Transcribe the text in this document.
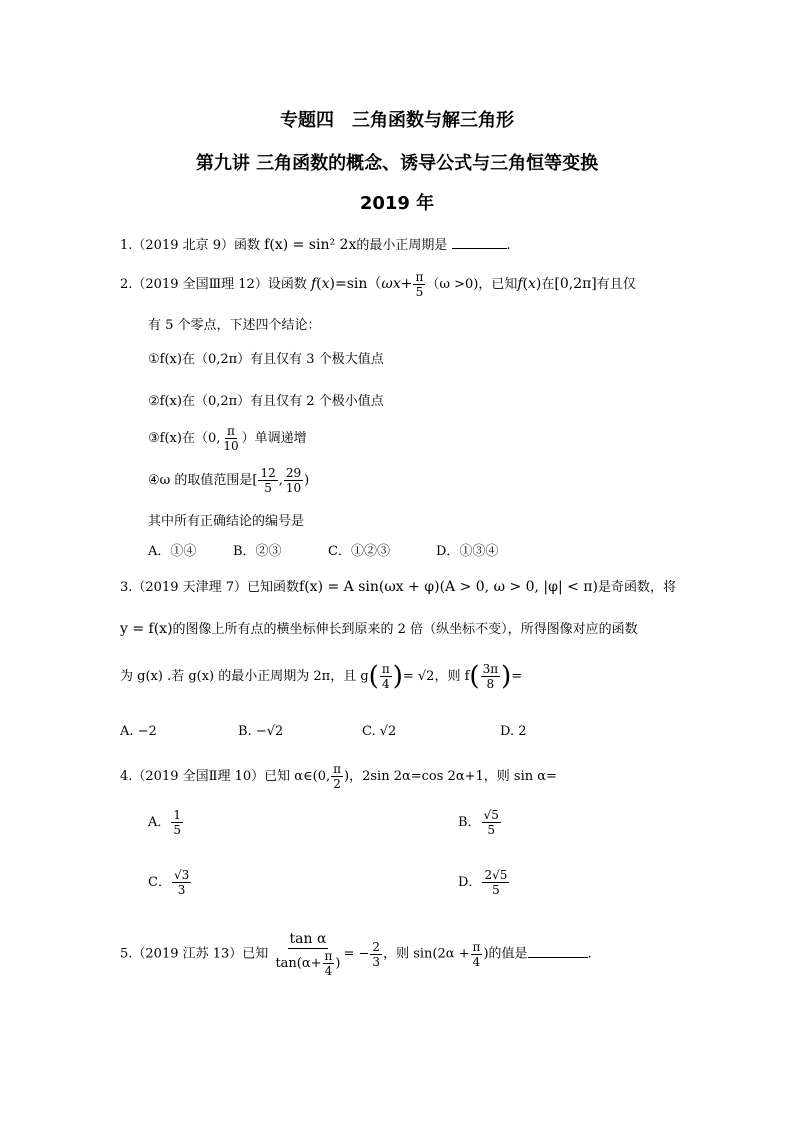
专题四　三角函数与解三角形
第九讲 三角函数的概念、诱导公式与三角恒等变换
2019 年
1.（2019 北京 9）函数 f(x) = sin² 2x的最小正周期是	.
2.（2019 全国Ⅲ理 12）设函数 $f(x)=\sin(\omega x+ \frac{\pi}{5} (\omega >0)$，已知f(x)在[0,2π]有且仅
有 5 个零点，下述四个结论：
①f(x)在（0,2π）有且仅有 3 个极大值点
②f(x)在（0,2π）有且仅有 2 个极小值点
③f(x)在（0, $\frac{\pi}{10}$ ）单调递增
④ω 的取值范围是[ $\frac{12}{5}$ , $\frac{29}{10}$ )
其中所有正确结论的编号是
A．①④	B．②③	C．①②③	D．①③④
3.（2019 天津理 7）已知函数f(x) = A sin(ωx + φ)(A > 0, ω > 0, |φ| < π)是奇函数，将
y = f(x)的图像上所有点的横坐标伸长到原来的 2 倍（纵坐标不变），所得图像对应的函数
为 g(x) .若 g(x) 的最小正周期为 2π，且 $g( \frac{\pi}{4}$ )= √2，则 $f( \frac{3\pi}{8}$ )=
A. −2	B. −√2	C. √2	D. 2
4.（2019 全国Ⅱ理 10）已知 α∈(0, $\frac{\pi}{2}$ )，2sin 2α=cos 2α+1，则 sin α=
A． $\frac{1}{5}$	B． $\frac{√5}{5}$
C． $\frac{√3}{3}$	D． $\frac{2√5}{5}$
5.（2019 江苏 13）已知 $\frac{\text{tan α}}{\tan(\alpha+ \frac{\pi}{4} )}$ = − $\frac{2}{3}$ ，则 $\sin(2\alpha + \frac{\pi}{4}$ )的值是	.
